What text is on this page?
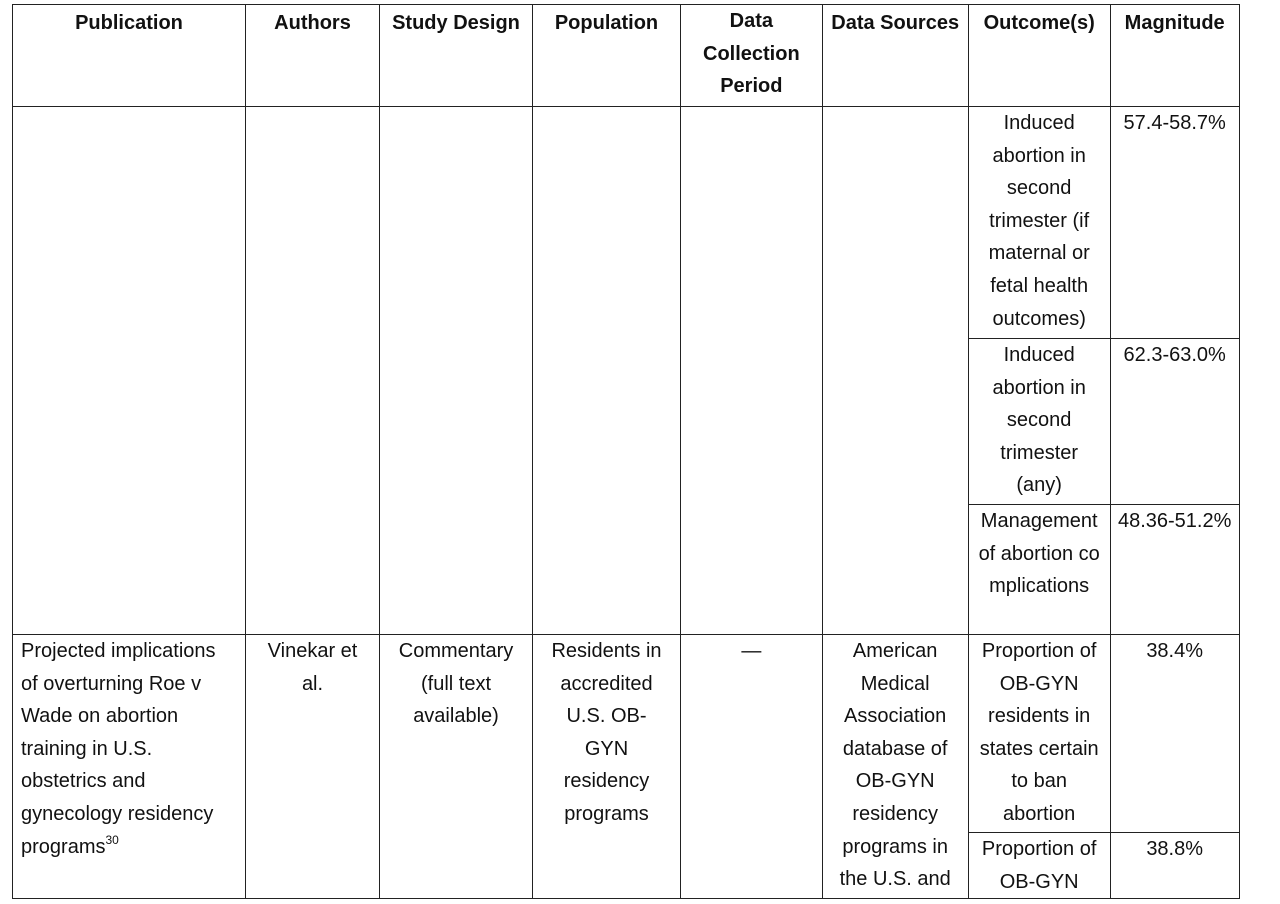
Publication	Authors	Study Design	Population	Data Collection Period	Data Sources	Outcome(s)	Magnitude
						Induced abortion in second trimester (if maternal or fetal health outcomes)	57.4-58.7%
						Induced abortion in second trimester (any)	62.3-63.0%
						Management of abortion complications	48.36-51.2%
Projected implications of overturning Roe v Wade on abortion training in U.S. obstetrics and gynecology residency programs$^{30}$	Vinekar et al.	Commentary (full text available)	Residents in accredited U.S. OB-GYN residency programs	—	American Medical Association database of OB-GYN residency programs in the U.S. and	Proportion of OB-GYN residents in states certain to ban abortion	38.4%
						Proportion of OB-GYN	38.8%
